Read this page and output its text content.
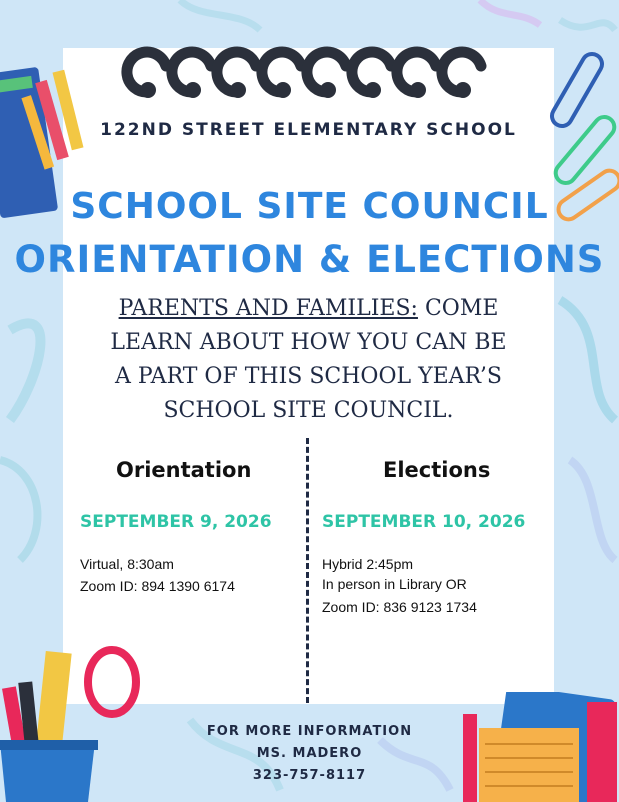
122ND STREET ELEMENTARY SCHOOL
SCHOOL SITE COUNCIL
ORIENTATION & ELECTIONS
PARENTS AND FAMILIES: COME
LEARN ABOUT HOW YOU CAN BE
A PART OF THIS SCHOOL YEAR’S
SCHOOL SITE COUNCIL.
Orientation
SEPTEMBER 9, 2026
Virtual, 8:30am
Zoom ID: 894 1390 6174
Elections
SEPTEMBER 10, 2026
Hybrid 2:45pm
In person in Library OR
Zoom ID: 836 9123 1734
FOR MORE INFORMATION
MS. MADERO
323-757-8117
